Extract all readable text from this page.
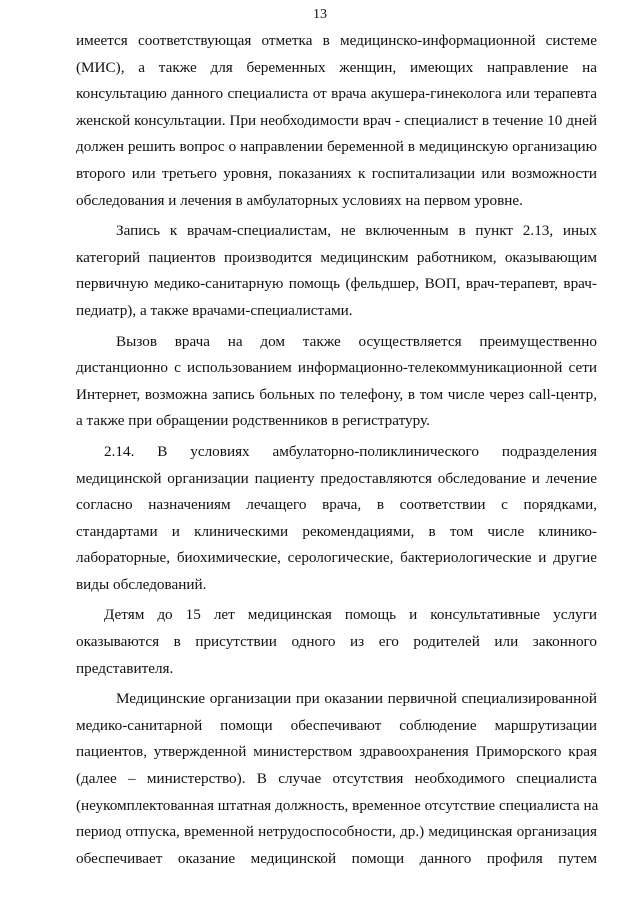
13
имеется соответствующая отметка в медицинско-информационной системе
(МИС), а также для беременных женщин, имеющих направление на
консультацию данного специалиста от врача акушера-гинеколога или терапевта
женской консультации. При необходимости врач - специалист в течение 10 дней
должен решить вопрос о направлении беременной в медицинскую организацию
второго или третьего уровня, показаниях к госпитализации или возможности
обследования и лечения в амбулаторных условиях на первом уровне.
Запись к врачам-специалистам, не включенным в пункт 2.13, иных
категорий пациентов производится медицинским работником, оказывающим
первичную медико-санитарную помощь (фельдшер, ВОП, врач-терапевт, врач-
педиатр), а также врачами-специалистами.
Вызов врача на дом также осуществляется преимущественно
дистанционно с использованием информационно-телекоммуникационной сети
Интернет, возможна запись больных по телефону, в том числе через call-центр,
а также при обращении родственников в регистратуру.
2.14. В условиях амбулаторно-поликлинического подразделения
медицинской организации пациенту предоставляются обследование и лечение
согласно назначениям лечащего врача, в соответствии с порядками,
стандартами и клиническими рекомендациями, в том числе клинико-
лабораторные, биохимические, серологические, бактериологические и другие
виды обследований.
Детям до 15 лет медицинская помощь и консультативные услуги
оказываются в присутствии одного из его родителей или законного
представителя.
Медицинские организации при оказании первичной специализированной
медико-санитарной помощи обеспечивают соблюдение маршрутизации
пациентов, утвержденной министерством здравоохранения Приморского края
(далее – министерство). В случае отсутствия необходимого специалиста
(неукомплектованная штатная должность, временное отсутствие специалиста на
период отпуска, временной нетрудоспособности, др.) медицинская организация
обеспечивает оказание медицинской помощи данного профиля путем
